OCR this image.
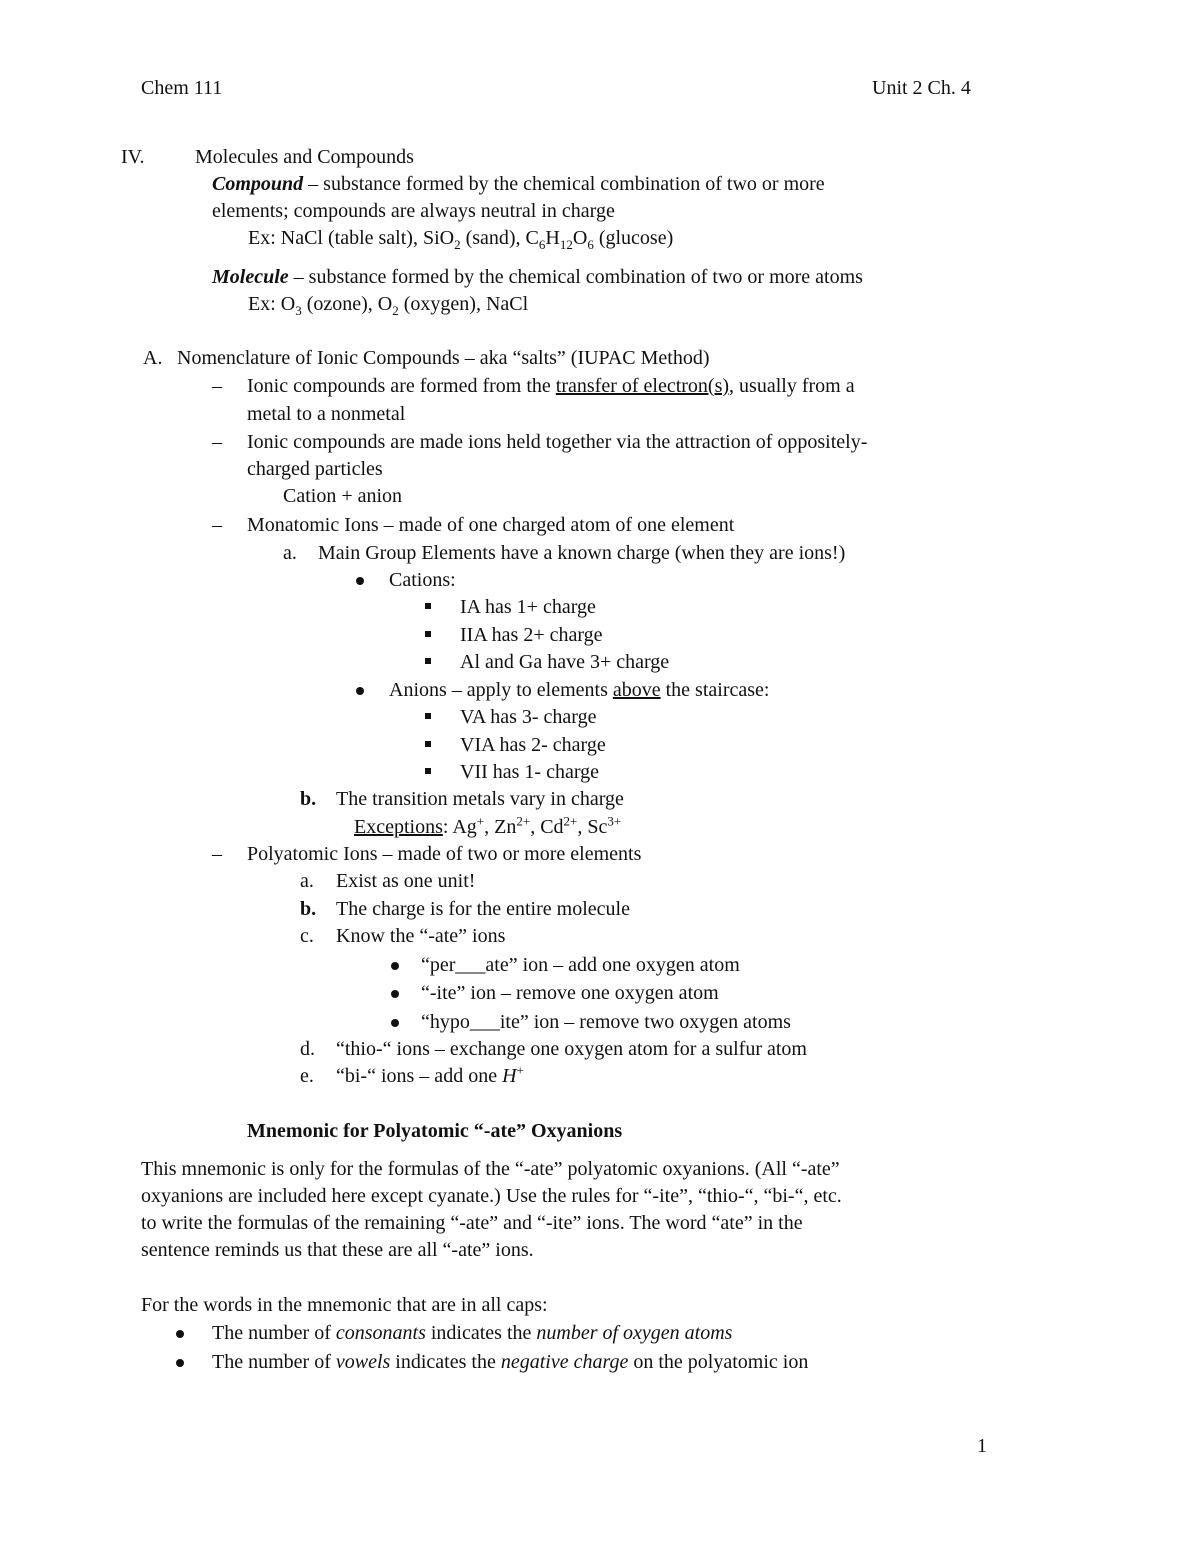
Chem 111	Unit 2 Ch. 4
IV.	Molecules and Compounds
Compound – substance formed by the chemical combination of two or more
elements; compounds are always neutral in charge
Ex: NaCl (table salt), SiO$_2$ (sand), $C_6H_{12}O_6$ (glucose)
Molecule – substance formed by the chemical combination of two or more atoms
Ex: $O_3$ (ozone), $O_2$ (oxygen), NaCl
A. Nomenclature of Ionic Compounds – aka “salts” (IUPAC Method)
– Ionic compounds are formed from the transfer of electron(s), usually from a
metal to a nonmetal
– Ionic compounds are made ions held together via the attraction of oppositely-
charged particles
Cation + anion
– Monatomic Ions – made of one charged atom of one element
a. Main Group Elements have a known charge (when they are ions!)
Cations:
IA has 1+ charge
IIA has 2+ charge
Al and Ga have 3+ charge
Anions – apply to elements above the staircase:
VA has 3- charge
VIA has 2- charge
VII has 1- charge
b. The transition metals vary in charge
Exceptions: Ag+, $Zn^{2+}$, $Cd^{2+}$, $Sc^{3+}$
– Polyatomic Ions – made of two or more elements
a. Exist as one unit!
b. The charge is for the entire molecule
c. Know the “-ate” ions
“per___ate” ion – add one oxygen atom
“-ite” ion – remove one oxygen atom
“hypo___ite” ion – remove two oxygen atoms
d. “thio-“ ions – exchange one oxygen atom for a sulfur atom
e. “bi-“ ions – add one H+
Mnemonic for Polyatomic “-ate” Oxyanions
This mnemonic is only for the formulas of the “-ate” polyatomic oxyanions. (All “-ate”
oxyanions are included here except cyanate.) Use the rules for “-ite”, “thio-“, “bi-“, etc.
to write the formulas of the remaining “-ate” and “-ite” ions. The word “ate” in the
sentence reminds us that these are all “-ate” ions.
For the words in the mnemonic that are in all caps:
The number of consonants indicates the number of oxygen atoms
The number of vowels indicates the negative charge on the polyatomic ion
1
